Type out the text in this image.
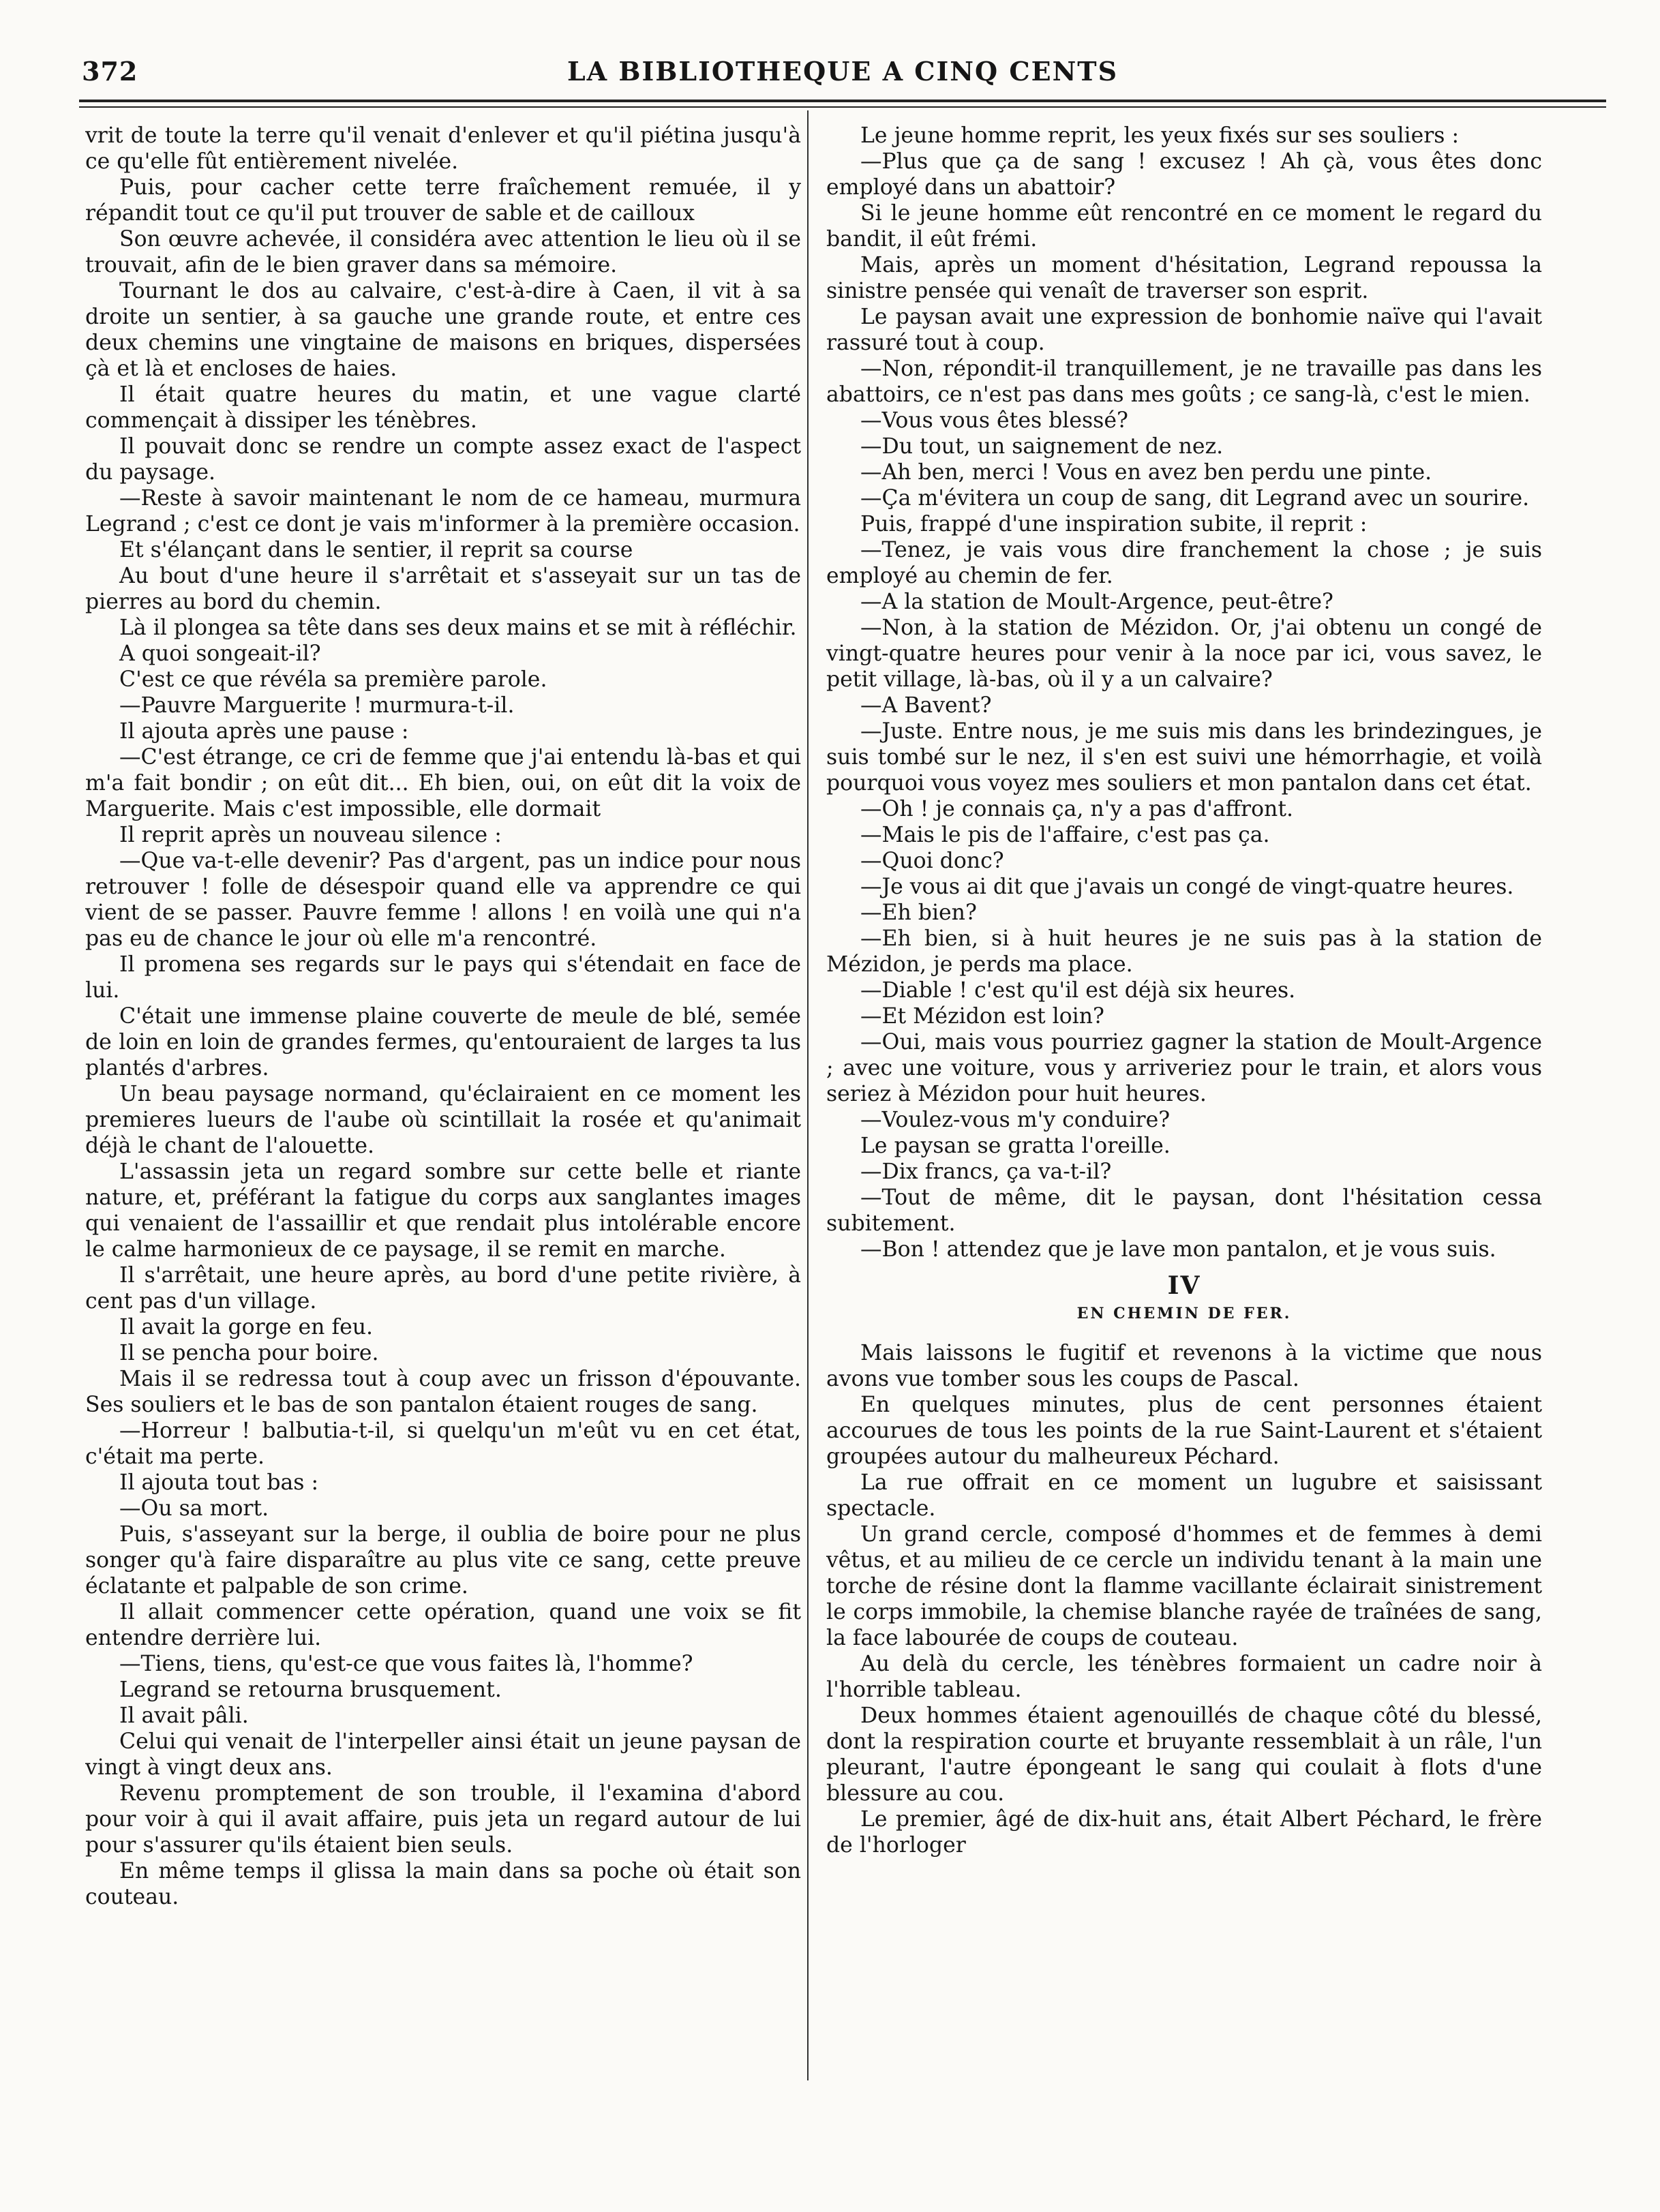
372	LA BIBLIOTHEQUE A CINQ CENTS

vrit de toute la terre qu'il venait d'enlever et qu'il piétina jusqu'à ce qu'elle fût entièrement nivelée.

Puis, pour cacher cette terre fraîchement remuée, il y répandit tout ce qu'il put trouver de sable et de cailloux

Son œuvre achevée, il considéra avec attention le lieu où il se trouvait, afin de le bien graver dans sa mémoire.

Tournant le dos au calvaire, c'est-à-dire à Caen, il vit à sa droite un sentier, à sa gauche une grande route, et entre ces deux chemins une vingtaine de maisons en briques, dispersées çà et là et encloses de haies.

Il était quatre heures du matin, et une vague clarté commençait à dissiper les ténèbres.

Il pouvait donc se rendre un compte assez exact de l'aspect du paysage.

—Reste à savoir maintenant le nom de ce hameau, murmura Legrand ; c'est ce dont je vais m'informer à la première occasion.

Et s'élançant dans le sentier, il reprit sa course

Au bout d'une heure il s'arrêtait et s'asseyait sur un tas de pierres au bord du chemin.

Là il plongea sa tête dans ses deux mains et se mit à réfléchir.

A quoi songeait-il?

C'est ce que révéla sa première parole.

—Pauvre Marguerite ! murmura-t-il.

Il ajouta après une pause :

—C'est étrange, ce cri de femme que j'ai entendu là-bas et qui m'a fait bondir ; on eût dit... Eh bien, oui, on eût dit la voix de Marguerite. Mais c'est impossible, elle dormait

Il reprit après un nouveau silence :

—Que va-t-elle devenir? Pas d'argent, pas un indice pour nous retrouver ! folle de désespoir quand elle va apprendre ce qui vient de se passer. Pauvre femme ! allons ! en voilà une qui n'a pas eu de chance le jour où elle m'a rencontré.

Il promena ses regards sur le pays qui s'étendait en face de lui.

C'était une immense plaine couverte de meule de blé, semée de loin en loin de grandes fermes, qu'entouraient de larges ta lus plantés d'arbres.

Un beau paysage normand, qu'éclairaient en ce moment les premieres lueurs de l'aube où scintillait la rosée et qu'animait déjà le chant de l'alouette.

L'assassin jeta un regard sombre sur cette belle et riante nature, et, préférant la fatigue du corps aux sanglantes images qui venaient de l'assaillir et que rendait plus intolérable encore le calme harmonieux de ce paysage, il se remit en marche.

Il s'arrêtait, une heure après, au bord d'une petite rivière, à cent pas d'un village.

Il avait la gorge en feu.

Il se pencha pour boire.

Mais il se redressa tout à coup avec un frisson d'épouvante. Ses souliers et le bas de son pantalon étaient rouges de sang.

—Horreur ! balbutia-t-il, si quelqu'un m'eût vu en cet état, c'était ma perte.

Il ajouta tout bas :

—Ou sa mort.

Puis, s'asseyant sur la berge, il oublia de boire pour ne plus songer qu'à faire disparaître au plus vite ce sang, cette preuve éclatante et palpable de son crime.

Il allait commencer cette opération, quand une voix se fit entendre derrière lui.

—Tiens, tiens, qu'est-ce que vous faites là, l'homme?

Legrand se retourna brusquement.

Il avait pâli.

Celui qui venait de l'interpeller ainsi était un jeune paysan de vingt à vingt deux ans.

Revenu promptement de son trouble, il l'examina d'abord pour voir à qui il avait affaire, puis jeta un regard autour de lui pour s'assurer qu'ils étaient bien seuls.

En même temps il glissa la main dans sa poche où était son couteau.

Le jeune homme reprit, les yeux fixés sur ses souliers :

—Plus que ça de sang ! excusez ! Ah çà, vous êtes donc employé dans un abattoir?

Si le jeune homme eût rencontré en ce moment le regard du bandit, il eût frémi.

Mais, après un moment d'hésitation, Legrand repoussa la sinistre pensée qui venaît de traverser son esprit.

Le paysan avait une expression de bonhomie naïve qui l'avait rassuré tout à coup.

—Non, répondit-il tranquillement, je ne travaille pas dans les abattoirs, ce n'est pas dans mes goûts ; ce sang-là, c'est le mien.

—Vous vous êtes blessé?

—Du tout, un saignement de nez.

—Ah ben, merci ! Vous en avez ben perdu une pinte.

—Ça m'évitera un coup de sang, dit Legrand avec un sourire.

Puis, frappé d'une inspiration subite, il reprit :

—Tenez, je vais vous dire franchement la chose ; je suis employé au chemin de fer.

—A la station de Moult-Argence, peut-être?

—Non, à la station de Mézidon. Or, j'ai obtenu un congé de vingt-quatre heures pour venir à la noce par ici, vous savez, le petit village, là-bas, où il y a un calvaire?

—A Bavent?

—Juste. Entre nous, je me suis mis dans les brindezingues, je suis tombé sur le nez, il s'en est suivi une hémorrhagie, et voilà pourquoi vous voyez mes souliers et mon pantalon dans cet état.

—Oh ! je connais ça, n'y a pas d'affront.

—Mais le pis de l'affaire, c'est pas ça.

—Quoi donc?

—Je vous ai dit que j'avais un congé de vingt-quatre heures.

—Eh bien?

—Eh bien, si à huit heures je ne suis pas à la station de Mézidon, je perds ma place.

—Diable ! c'est qu'il est déjà six heures.

—Et Mézidon est loin?

—Oui, mais vous pourriez gagner la station de Moult-Argence ; avec une voiture, vous y arriveriez pour le train, et alors vous seriez à Mézidon pour huit heures.

—Voulez-vous m'y conduire?

Le paysan se gratta l'oreille.

—Dix francs, ça va-t-il?

—Tout de même, dit le paysan, dont l'hésitation cessa subitement.

—Bon ! attendez que je lave mon pantalon, et je vous suis.

IV
EN CHEMIN DE FER.

Mais laissons le fugitif et revenons à la victime que nous avons vue tomber sous les coups de Pascal.

En quelques minutes, plus de cent personnes étaient accourues de tous les points de la rue Saint-Laurent et s'étaient groupées autour du malheureux Péchard.

La rue offrait en ce moment un lugubre et saisissant spectacle.

Un grand cercle, composé d'hommes et de femmes à demi vêtus, et au milieu de ce cercle un individu tenant à la main une torche de résine dont la flamme vacillante éclairait sinistrement le corps immobile, la chemise blanche rayée de traînées de sang, la face labourée de coups de couteau.

Au delà du cercle, les ténèbres formaient un cadre noir à l'horrible tableau.

Deux hommes étaient agenouillés de chaque côté du blessé, dont la respiration courte et bruyante ressemblait à un râle, l'un pleurant, l'autre épongeant le sang qui coulait à flots d'une blessure au cou.

Le premier, âgé de dix-huit ans, était Albert Péchard, le frère de l'horloger
